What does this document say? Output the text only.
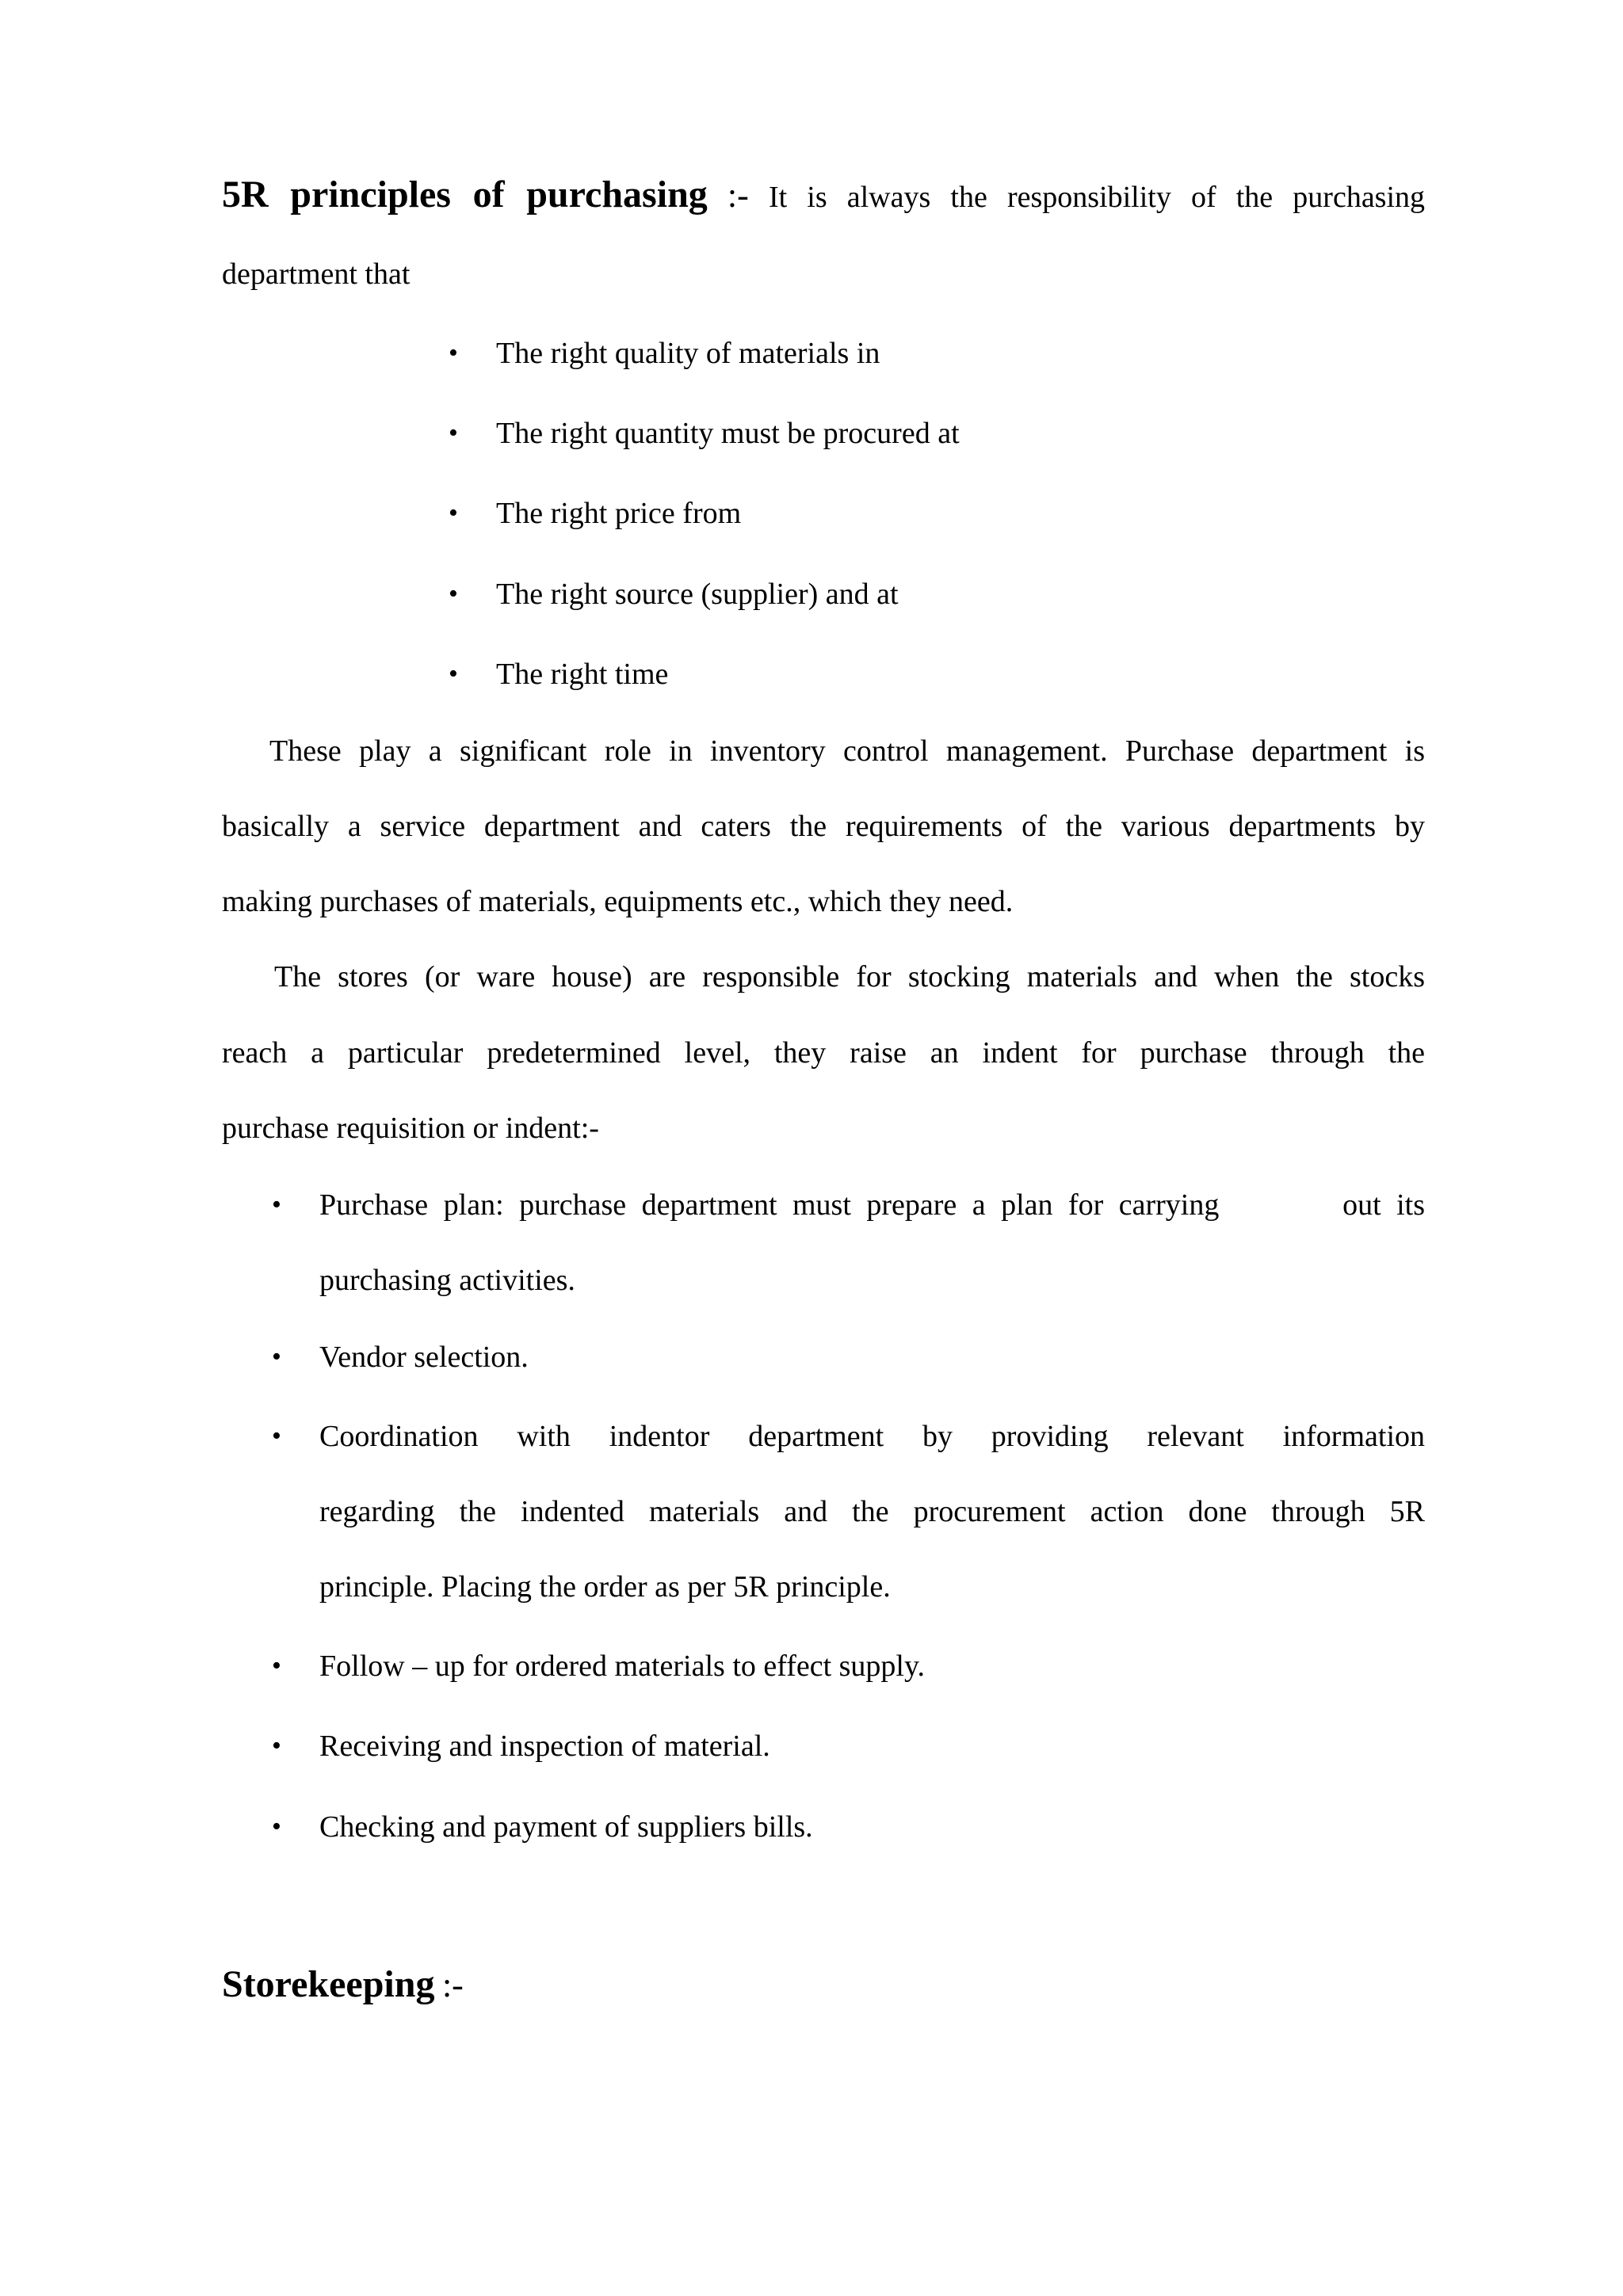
5R principles of purchasing :- It is always the responsibility of the purchasing
department that
• The right quality of materials in
• The right quantity must be procured at
• The right price from
• The right source (supplier) and at
• The right time
These play a significant role in inventory control management. Purchase department is
basically a service department and caters the requirements of the various departments by
making purchases of materials, equipments etc., which they need.
The stores (or ware house) are responsible for stocking materials and when the stocks
reach a particular predetermined level, they raise an indent for purchase through the
purchase requisition or indent:-
• Purchase plan: purchase department must prepare a plan for carrying        out its
purchasing activities.
• Vendor selection.
• Coordination with indentor department by providing relevant information
regarding the indented materials and the procurement action done through 5R
principle. Placing the order as per 5R principle.
• Follow – up for ordered materials to effect supply.
• Receiving and inspection of material.
• Checking and payment of suppliers bills.
Storekeeping :-
